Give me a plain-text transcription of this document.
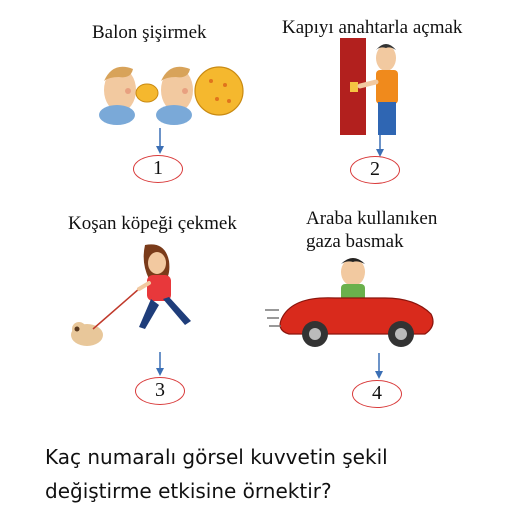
Balon şişirmek
1
Kapıyı anahtarla açmak
2
Koşan köpeği çekmek
3
Araba kullanıken
gaza basmak
4

Kaç numaralı görsel kuvvetin şekil
değiştirme etkisine örnektir?
